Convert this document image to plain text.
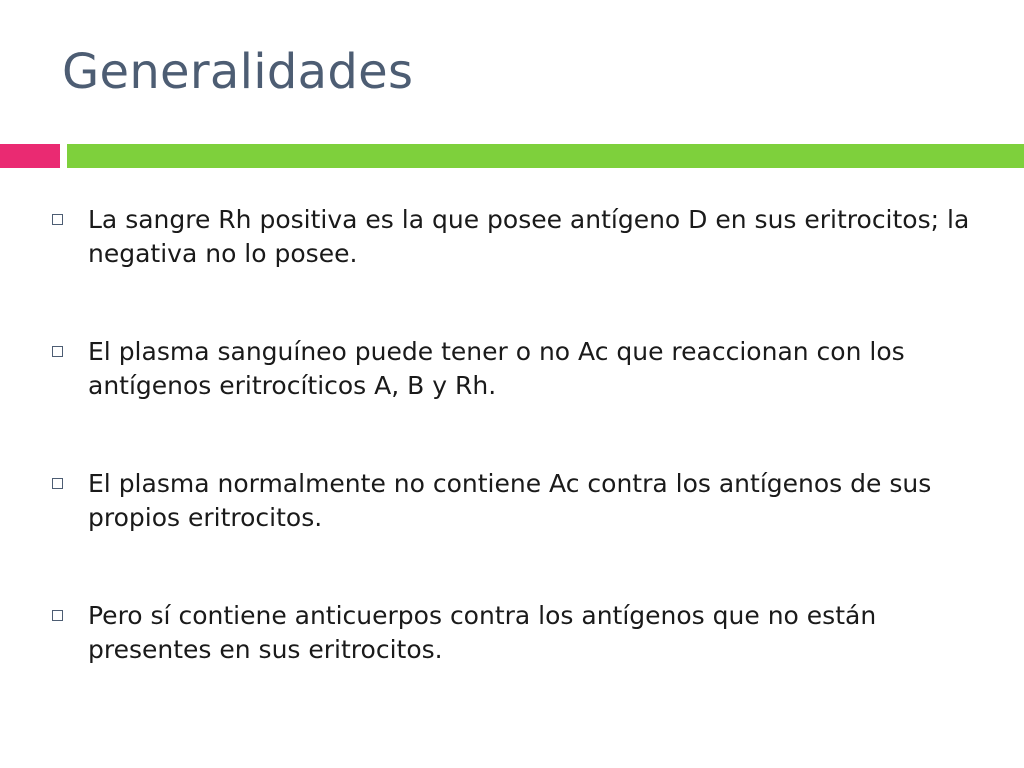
Generalidades
La sangre Rh positiva es la que posee antígeno D en sus eritrocitos; la negativa no lo posee.
El plasma sanguíneo puede tener o no Ac que reaccionan con los antígenos eritrocíticos A, B y Rh.
El plasma normalmente no contiene Ac contra los antígenos de sus propios eritrocitos.
Pero sí contiene anticuerpos contra los antígenos que no están presentes en sus eritrocitos.
